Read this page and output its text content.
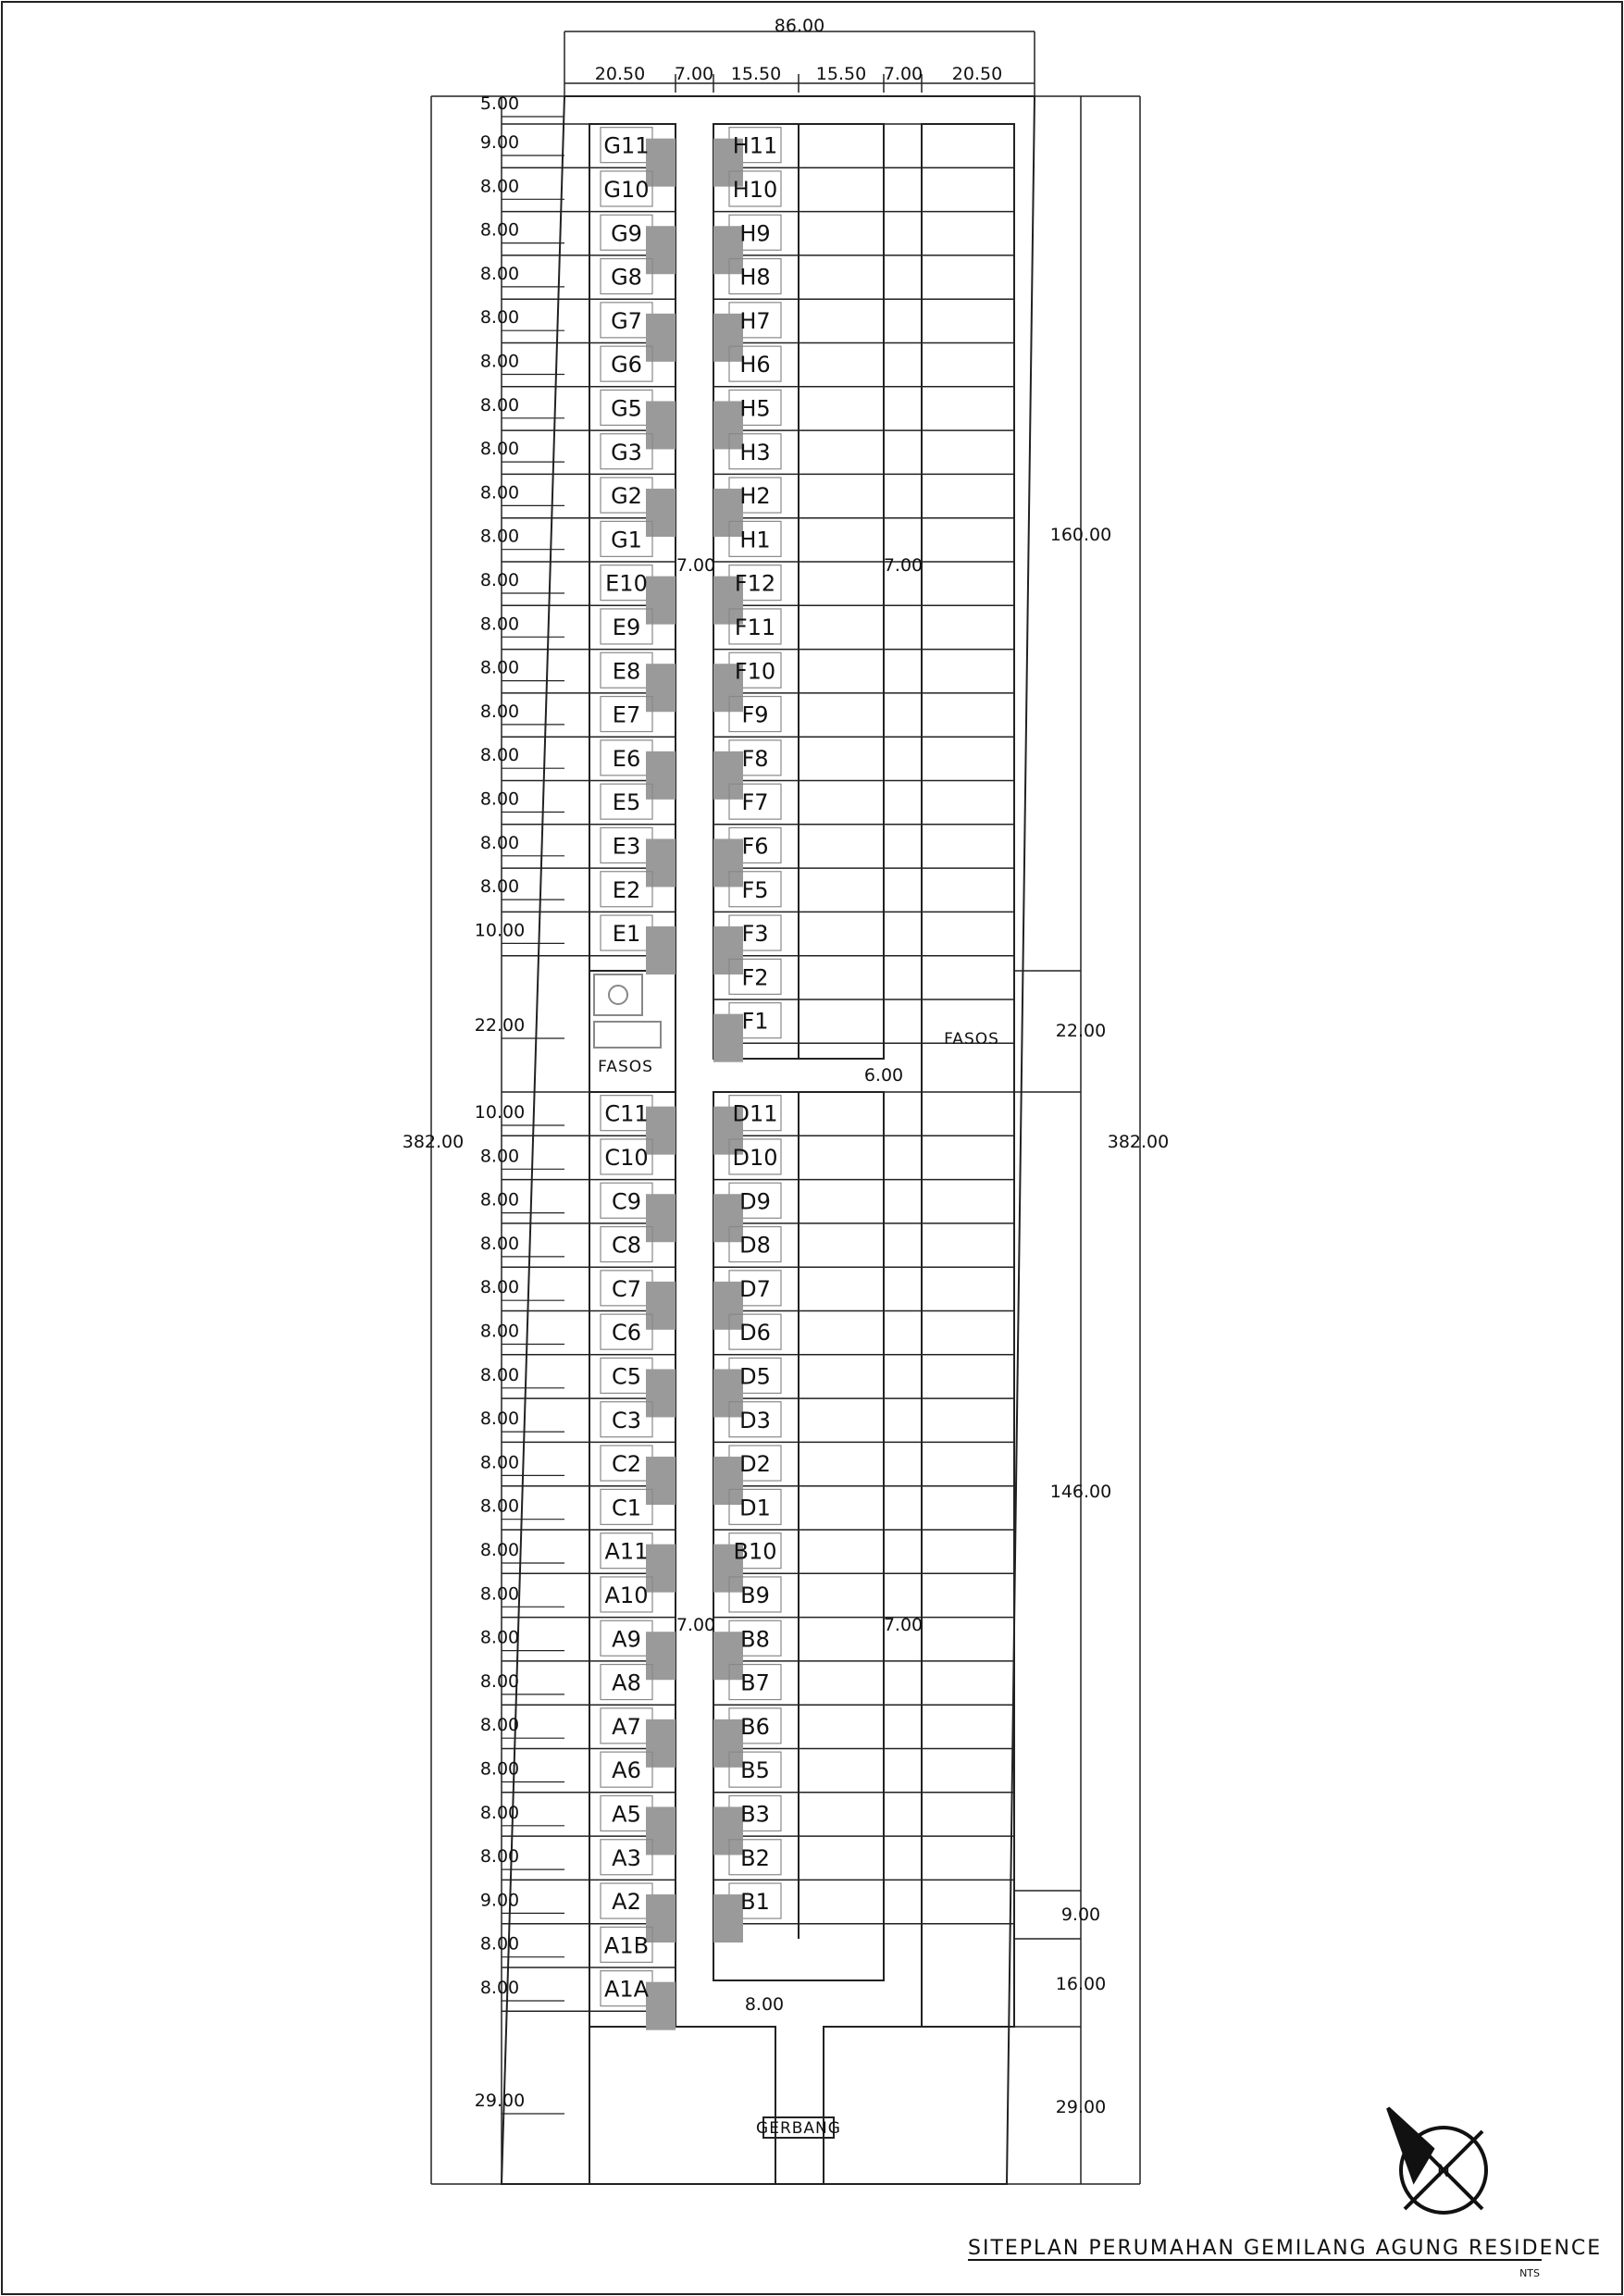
G11
G10
G9
G8
G7
G6
G5
G3
G2
G1
E10
E9
E8
E7
E6
E5
E3
E2
E1
H11
H10
H9
H8
H7
H6
H5
H3
H2
H1
F12
F11
F10
F9
F8
F7
F6
F5
F3
F2
F1
C11
C10
C9
C8
C7
C6
C5
C3
C2
C1
A11
A10
A9
A8
A7
A6
A5
A3
A2
A1B
A1A
D11
D10
D9
D8
D7
D6
D5
D3
D2
D1
B10
B9
B8
B7
B6
B5
B3
B2
B1
5.00
9.00
8.00
8.00
8.00
8.00
8.00
8.00
8.00
8.00
8.00
8.00
8.00
8.00
8.00
8.00
8.00
8.00
8.00
10.00
22.00
10.00
8.00
8.00
8.00
8.00
8.00
8.00
8.00
8.00
8.00
8.00
8.00
8.00
8.00
8.00
8.00
8.00
8.00
9.00
8.00
8.00
29.00
86.00
20.50 7.00 15.50 15.50 7.00 20.50
382.00	382.00
160.00
22.00
146.00
9.00
16.00
29.00
7.00	7.00
7.00	7.00
6.00
8.00
FASOS
FASOS
GERBANG
N
SITEPLAN PERUMAHAN GEMILANG AGUNG RESIDENCE
NTS
